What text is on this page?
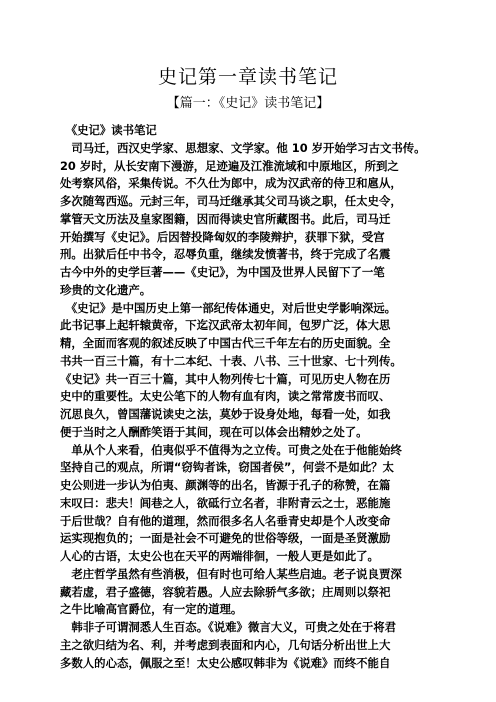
史记第一章读书笔记

【篇一：《史记》读书笔记】

　《史记》读书笔记
　司马迁，西汉史学家、思想家、文学家。他 10 岁开始学习古文书传。
20 岁时，从长安南下漫游，足迹遍及江淮流域和中原地区，所到之
处考察风俗，采集传说。不久仕为郎中，成为汉武帝的侍卫和扈从，
多次随驾西巡。元封三年，司马迁继承其父司马谈之职，任太史令，
掌管天文历法及皇家图籍，因而得读史官所藏图书。此后，司马迁
开始撰写《史记》。后因替投降匈奴的李陵辩护，获罪下狱，受宫
刑。出狱后任中书令，忍辱负重，继续发愤著书，终于完成了名震
古今中外的史学巨著——《史记》，为中国及世界人民留下了一笔
珍贵的文化遗产。
　《史记》是中国历史上第一部纪传体通史，对后世史学影响深远。
此书记事上起轩辕黄帝，下迄汉武帝太初年间，包罗广泛，体大思
精，全面而客观的叙述反映了中国古代三千年左右的历史面貌。全
书共一百三十篇，有十二本纪、十表、八书、三十世家、七十列传。
《史记》共一百三十篇，其中人物列传七十篇，可见历史人物在历
史中的重要性。太史公笔下的人物有血有肉，读之常常废书而叹、
沉思良久，曾国藩说读史之法，莫妙于设身处地，每看一处，如我
便于当时之人酬酢笑语于其间，现在可以体会出精妙之处了。
　单从个人来看，伯夷似乎不值得为之立传。可贵之处在于他能始终
坚持自己的观点，所谓“窃钩者诛，窃国者侯”，何尝不是如此？太
史公则进一步认为伯夷、颜渊等的出名，皆源于孔子的称赞，在篇
末叹曰：悲夫！闾巷之人，欲砥行立名者，非附青云之士，恶能施
于后世哉？自有他的道理，然而很多名人名垂青史却是个人改变命
运实现抱负的；一面是社会不可避免的世俗等级，一面是圣贤激励
人心的古语，太史公也在天平的两端徘徊，一般人更是如此了。
　老庄哲学虽然有些消极，但有时也可给人某些启迪。老子说良贾深
藏若虚，君子盛德，容貌若愚。人应去除骄气多欲；庄周则以祭祀
之牛比喻高官爵位，有一定的道理。
　韩非子可谓洞悉人生百态。《说难》微言大义，可贵之处在于将君
主之欲归结为名、利，并考虑到表面和内心，几句话分析出世上大
多数人的心态，佩服之至！太史公感叹韩非为《说难》而终不能自
